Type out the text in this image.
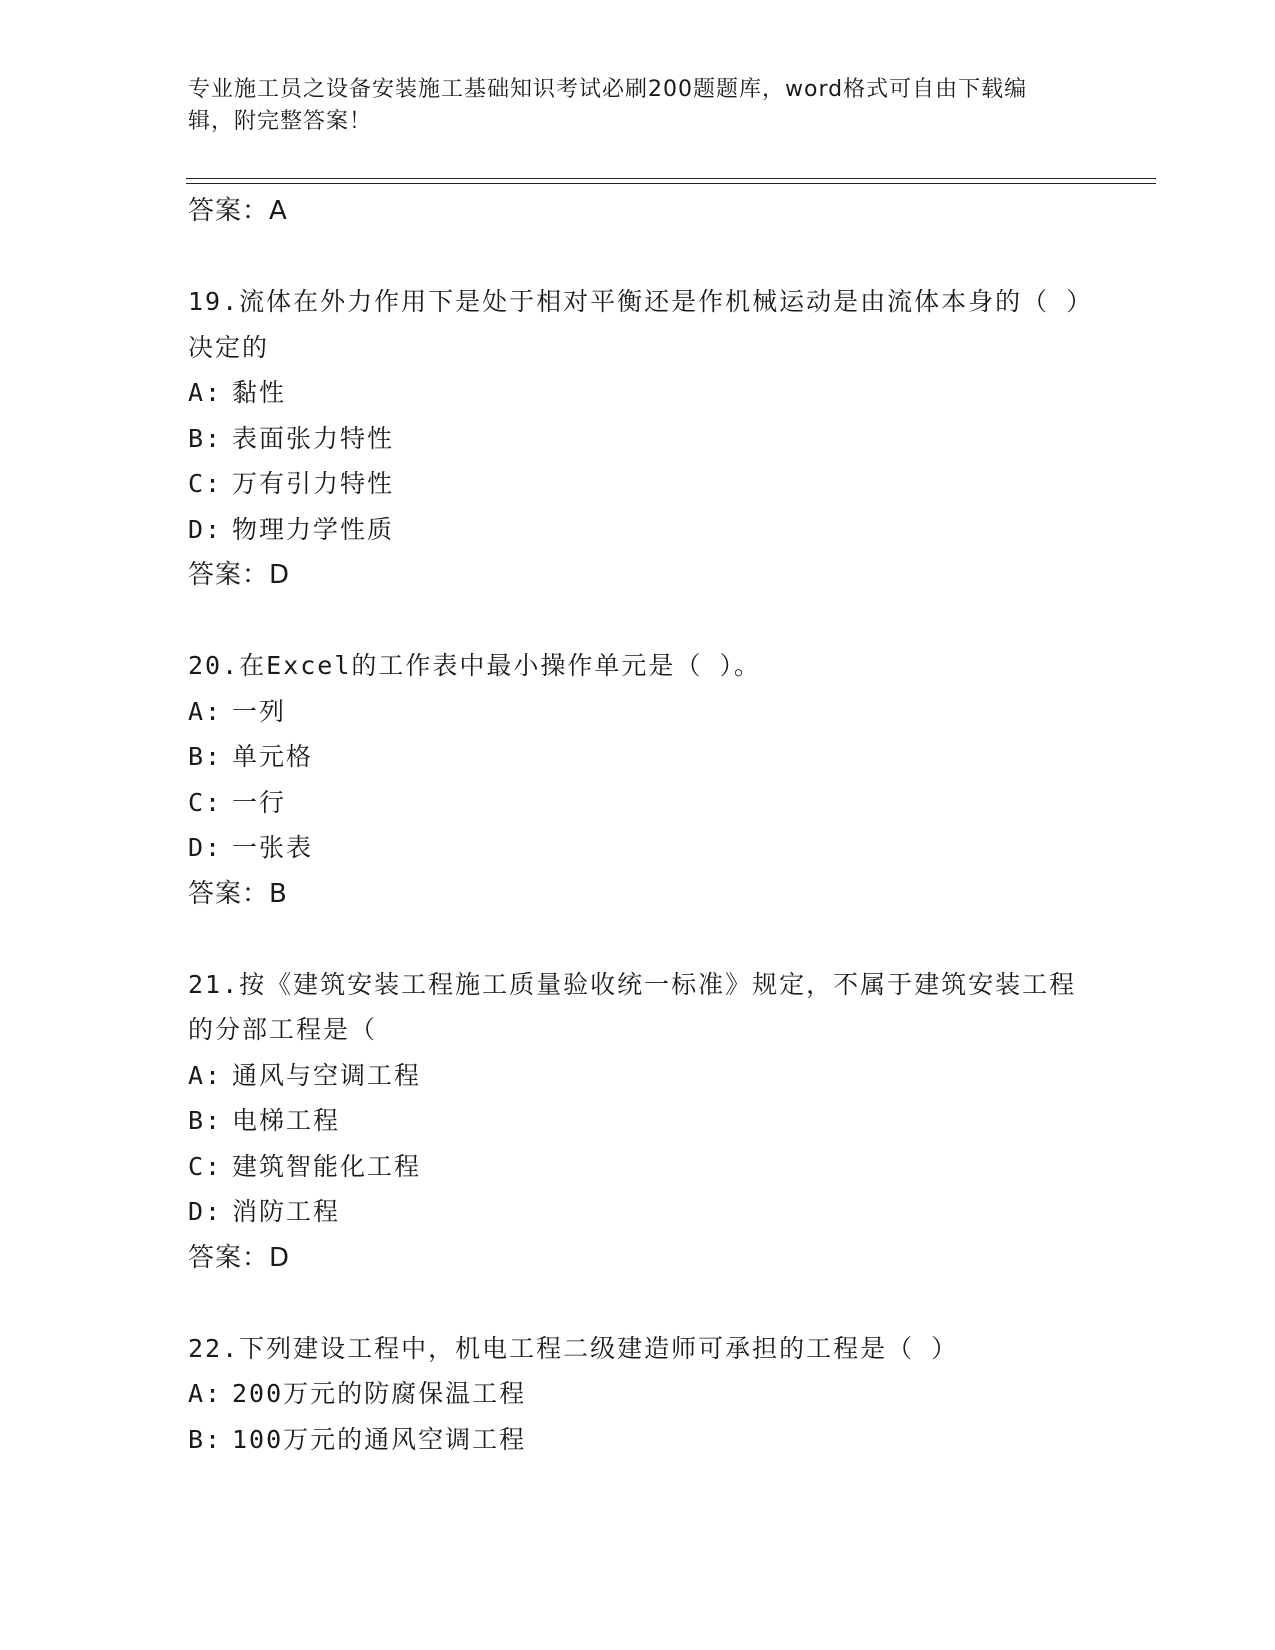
专业施工员之设备安装施工基础知识考试必刷200题题库，word格式可自由下载编辑，附完整答案！
答案：A
19.流体在外力作用下是处于相对平衡还是作机械运动是由流体本身的（ ）决定的
A: 黏性
B: 表面张力特性
C: 万有引力特性
D: 物理力学性质
答案：D
20.在Excel的工作表中最小操作单元是（ ）。
A: 一列
B: 单元格
C: 一行
D: 一张表
答案：B
21.按《建筑安装工程施工质量验收统一标准》规定，不属于建筑安装工程的分部工程是（
A: 通风与空调工程
B: 电梯工程
C: 建筑智能化工程
D: 消防工程
答案：D
22.下列建设工程中，机电工程二级建造师可承担的工程是（ ）
A: 200万元的防腐保温工程
B: 100万元的通风空调工程
